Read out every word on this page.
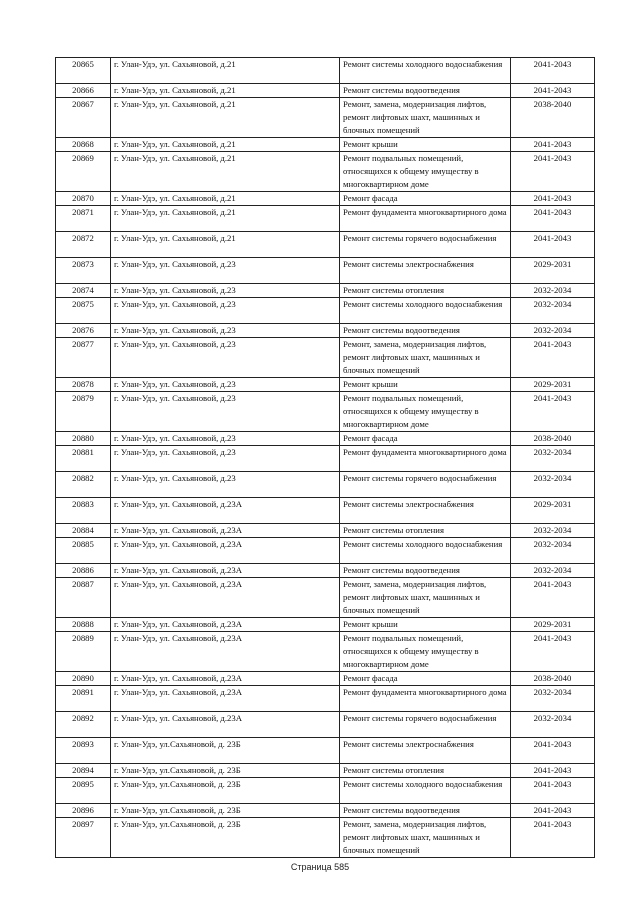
20865	г. Улан-Удэ, ул. Сахьяновой, д.21	Ремонт системы холодного водоснабжения	2041-2043
20866	г. Улан-Удэ, ул. Сахьяновой, д.21	Ремонт системы водоотведения	2041-2043
20867	г. Улан-Удэ, ул. Сахьяновой, д.21	Ремонт, замена, модернизация лифтов, ремонт лифтовых шахт, машинных и блочных помещений	2038-2040
20868	г. Улан-Удэ, ул. Сахьяновой, д.21	Ремонт крыши	2041-2043
20869	г. Улан-Удэ, ул. Сахьяновой, д.21	Ремонт подвальных помещений, относящихся к общему имуществу в многоквартирном доме	2041-2043
20870	г. Улан-Удэ, ул. Сахьяновой, д.21	Ремонт фасада	2041-2043
20871	г. Улан-Удэ, ул. Сахьяновой, д.21	Ремонт фундамента многоквартирного дома	2041-2043
20872	г. Улан-Удэ, ул. Сахьяновой, д.21	Ремонт системы горячего водоснабжения	2041-2043
20873	г. Улан-Удэ, ул. Сахьяновой, д.23	Ремонт системы электроснабжения	2029-2031
20874	г. Улан-Удэ, ул. Сахьяновой, д.23	Ремонт системы отопления	2032-2034
20875	г. Улан-Удэ, ул. Сахьяновой, д.23	Ремонт системы холодного водоснабжения	2032-2034
20876	г. Улан-Удэ, ул. Сахьяновой, д.23	Ремонт системы водоотведения	2032-2034
20877	г. Улан-Удэ, ул. Сахьяновой, д.23	Ремонт, замена, модернизация лифтов, ремонт лифтовых шахт, машинных и блочных помещений	2041-2043
20878	г. Улан-Удэ, ул. Сахьяновой, д.23	Ремонт крыши	2029-2031
20879	г. Улан-Удэ, ул. Сахьяновой, д.23	Ремонт подвальных помещений, относящихся к общему имуществу в многоквартирном доме	2041-2043
20880	г. Улан-Удэ, ул. Сахьяновой, д.23	Ремонт фасада	2038-2040
20881	г. Улан-Удэ, ул. Сахьяновой, д.23	Ремонт фундамента многоквартирного дома	2032-2034
20882	г. Улан-Удэ, ул. Сахьяновой, д.23	Ремонт системы горячего водоснабжения	2032-2034
20883	г. Улан-Удэ, ул. Сахьяновой, д.23А	Ремонт системы электроснабжения	2029-2031
20884	г. Улан-Удэ, ул. Сахьяновой, д.23А	Ремонт системы отопления	2032-2034
20885	г. Улан-Удэ, ул. Сахьяновой, д.23А	Ремонт системы холодного водоснабжения	2032-2034
20886	г. Улан-Удэ, ул. Сахьяновой, д.23А	Ремонт системы водоотведения	2032-2034
20887	г. Улан-Удэ, ул. Сахьяновой, д.23А	Ремонт, замена, модернизация лифтов, ремонт лифтовых шахт, машинных и блочных помещений	2041-2043
20888	г. Улан-Удэ, ул. Сахьяновой, д.23А	Ремонт крыши	2029-2031
20889	г. Улан-Удэ, ул. Сахьяновой, д.23А	Ремонт подвальных помещений, относящихся к общему имуществу в многоквартирном доме	2041-2043
20890	г. Улан-Удэ, ул. Сахьяновой, д.23А	Ремонт фасада	2038-2040
20891	г. Улан-Удэ, ул. Сахьяновой, д.23А	Ремонт фундамента многоквартирного дома	2032-2034
20892	г. Улан-Удэ, ул. Сахьяновой, д.23А	Ремонт системы горячего водоснабжения	2032-2034
20893	г. Улан-Удэ, ул.Сахьяновой, д. 23Б	Ремонт системы электроснабжения	2041-2043
20894	г. Улан-Удэ, ул.Сахьяновой, д. 23Б	Ремонт системы отопления	2041-2043
20895	г. Улан-Удэ, ул.Сахьяновой, д. 23Б	Ремонт системы холодного водоснабжения	2041-2043
20896	г. Улан-Удэ, ул.Сахьяновой, д. 23Б	Ремонт системы водоотведения	2041-2043
20897	г. Улан-Удэ, ул.Сахьяновой, д. 23Б	Ремонт, замена, модернизация лифтов, ремонт лифтовых шахт, машинных и блочных помещений	2041-2043
Страница 585
